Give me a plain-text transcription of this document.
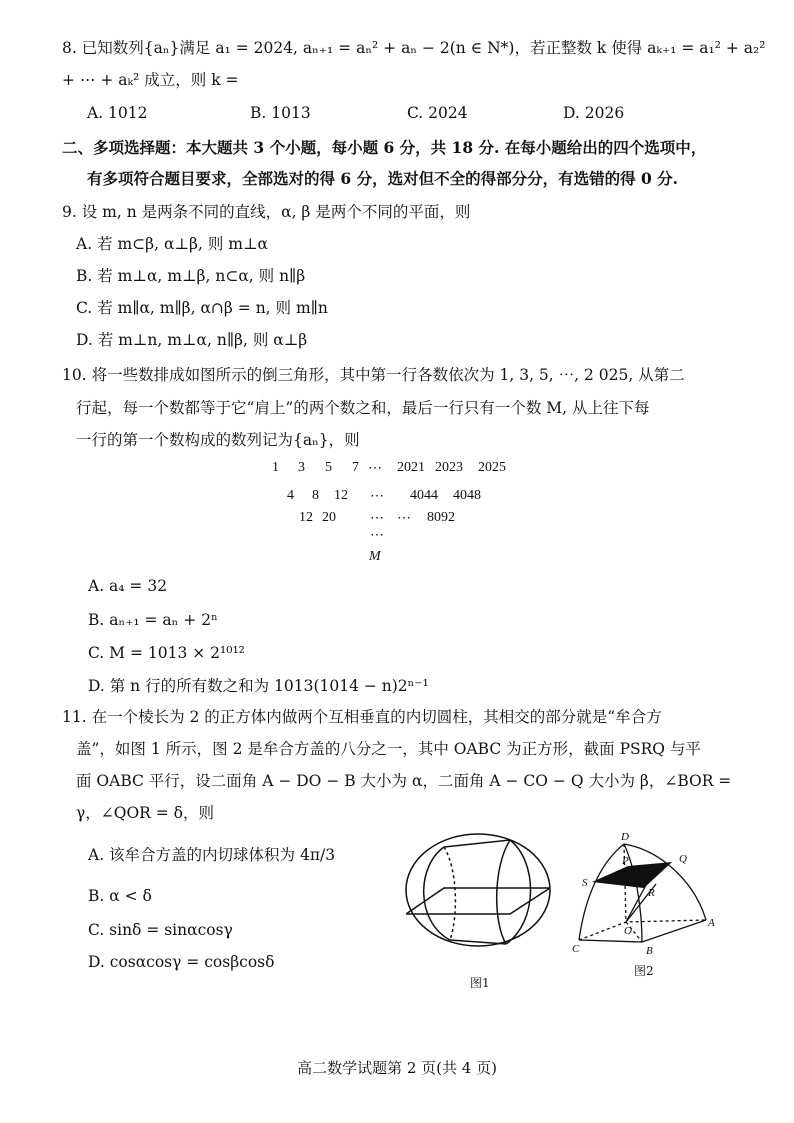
8. 已知数列{aₙ}满足 a₁ = 2024, aₙ₊₁ = aₙ² + aₙ − 2(n ∈ N*)，若正整数 k 使得 aₖ₊₁ = a₁² + a₂²
+ ⋯ + aₖ² 成立，则 k =
A. 1012	B. 1013	C. 2024	D. 2026
二、多项选择题：本大题共 3 个小题，每小题 6 分，共 18 分. 在每小题给出的四个选项中，
有多项符合题目要求，全部选对的得 6 分，选对但不全的得部分分，有选错的得 0 分.
9. 设 m, n 是两条不同的直线，α, β 是两个不同的平面，则
A. 若 m⊂β, α⊥β, 则 m⊥α
B. 若 m⊥α, m⊥β, n⊂α, 则 n∥β
C. 若 m∥α, m∥β, α∩β = n, 则 m∥n
D. 若 m⊥n, m⊥α, n∥β, 则 α⊥β
10. 将一些数排成如图所示的倒三角形，其中第一行各数依次为 1, 3, 5, ⋯, 2 025, 从第二
行起，每一个数都等于它“肩上”的两个数之和，最后一行只有一个数 M, 从上往下每
一行的第一个数构成的数列记为{aₙ}，则
1 3 5 7 ⋯ 2021 2023 2025
4 8 12 ⋯ 4044 4048
12 20 ⋯ ⋯ 8092
⋯
M
A. a₄ = 32
B. aₙ₊₁ = aₙ + 2ⁿ
C. M = 1013 × 2¹⁰¹²
D. 第 n 行的所有数之和为 1013(1014 − n)2ⁿ⁻¹
11. 在一个棱长为 2 的正方体内做两个互相垂直的内切圆柱，其相交的部分就是“牟合方
盖”，如图 1 所示，图 2 是牟合方盖的八分之一，其中 OABC 为正方形，截面 PSRQ 与平
面 OABC 平行，设二面角 A − DO − B 大小为 α，二面角 A − CO − Q 大小为 β，∠BOR =
γ，∠QOR = δ，则
A. 该牟合方盖的内切球体积为 4π/3
B. α < δ
C. sinδ = sinαcosγ
D. cosαcosγ = cosβcosδ
图1
D
P	Q
S
R
O
A
C	B
图2
高二数学试题第 2 页(共 4 页)
